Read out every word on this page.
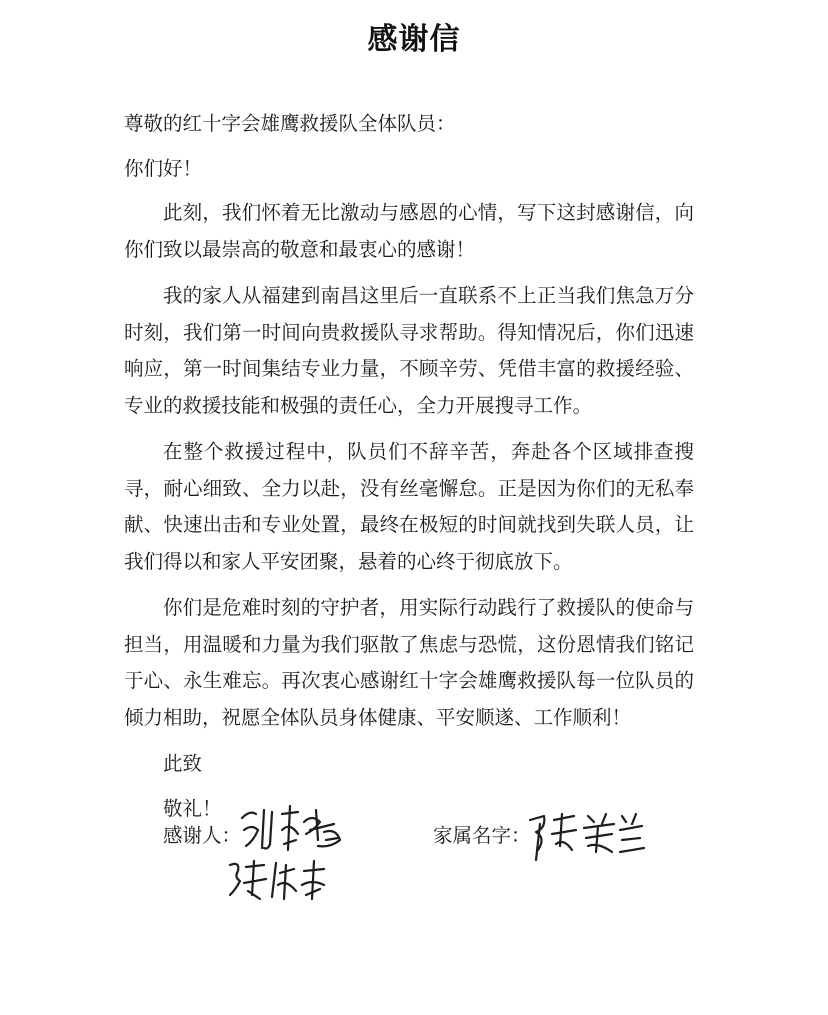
感谢信

尊敬的红十字会雄鹰救援队全体队员：

你们好！

此刻，我们怀着无比激动与感恩的心情，写下这封感谢信，向你们致以最崇高的敬意和最衷心的感谢！

我的家人从福建到南昌这里后一直联系不上正当我们焦急万分时刻，我们第一时间向贵救援队寻求帮助。得知情况后，你们迅速响应，第一时间集结专业力量，不顾辛劳、凭借丰富的救援经验、专业的救援技能和极强的责任心，全力开展搜寻工作。

在整个救援过程中，队员们不辞辛苦，奔赴各个区域排查搜寻，耐心细致、全力以赴，没有丝毫懈怠。正是因为你们的无私奉献、快速出击和专业处置，最终在极短的时间就找到失联人员，让我们得以和家人平安团聚，悬着的心终于彻底放下。

你们是危难时刻的守护者，用实际行动践行了救援队的使命与担当，用温暖和力量为我们驱散了焦虑与恐慌，这份恩情我们铭记于心、永生难忘。再次衷心感谢红十字会雄鹰救援队每一位队员的倾力相助，祝愿全体队员身体健康、平安顺遂、工作顺利！

此致

敬礼！

感谢人：	家属名字：
